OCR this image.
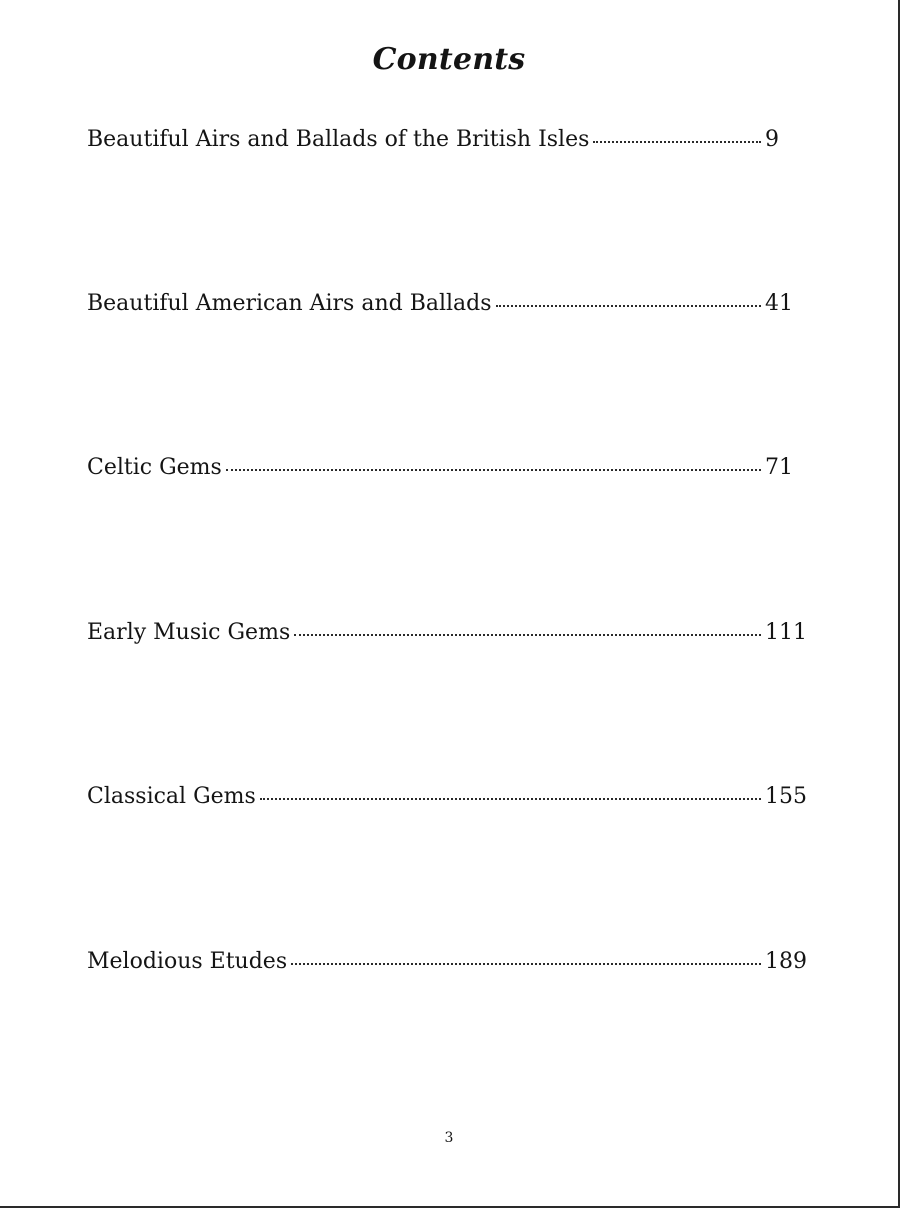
Contents
Beautiful Airs and Ballads of the British Isles	9
Beautiful American Airs and Ballads	41
Celtic Gems	71
Early Music Gems	111
Classical Gems	155
Melodious Etudes	189
3
